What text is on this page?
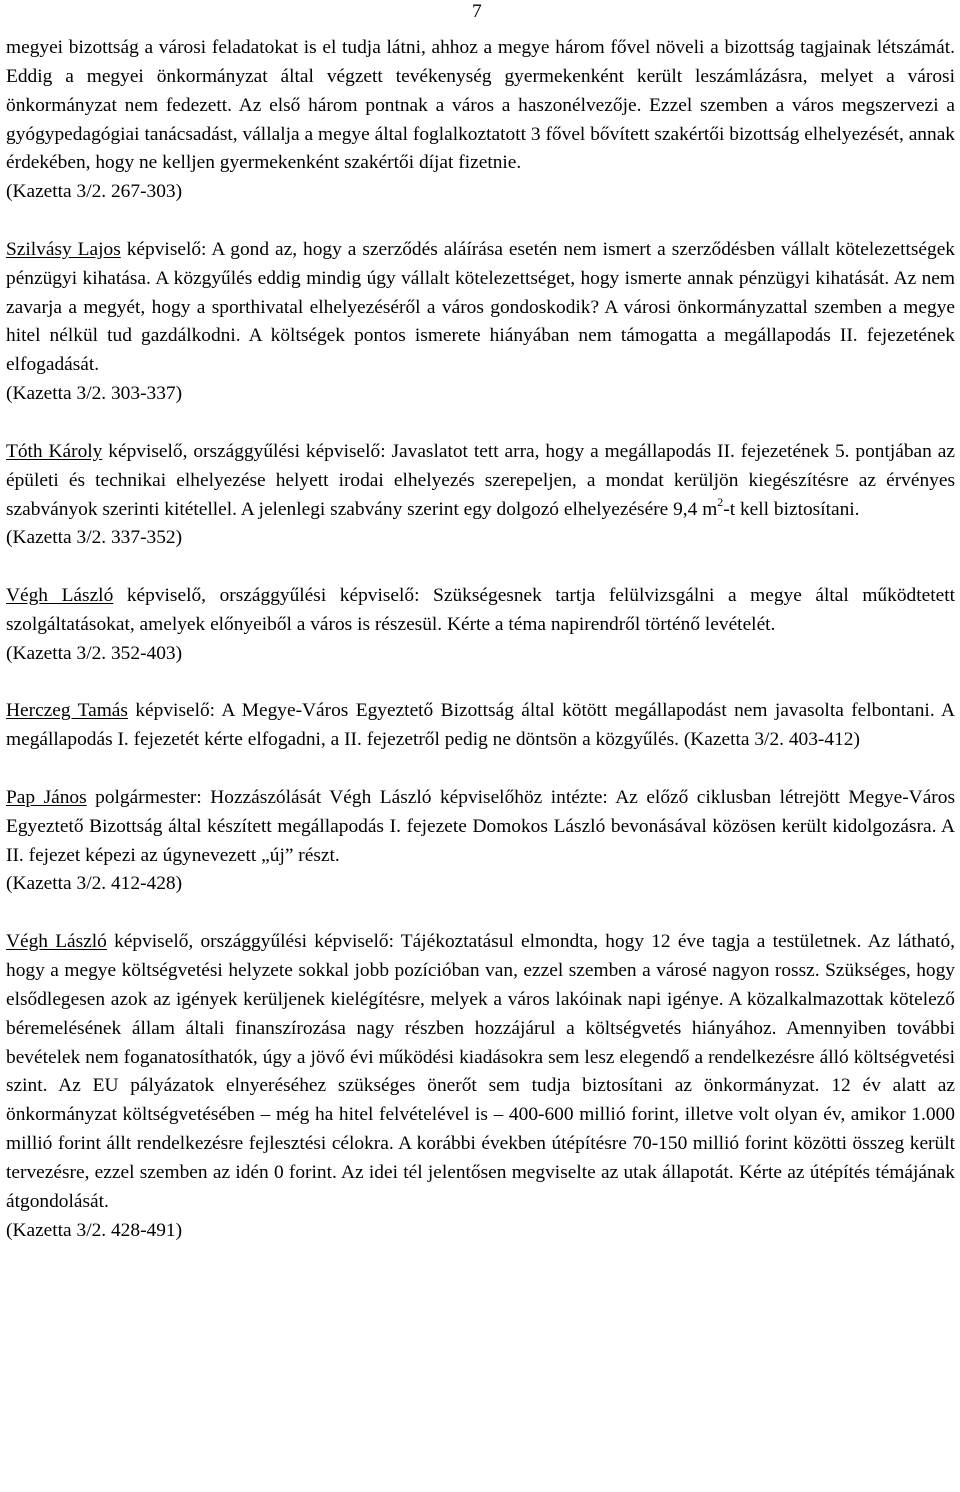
7

megyei bizottság a városi feladatokat is el tudja látni, ahhoz a megye három fővel növeli a bizottság tagjainak létszámát. Eddig a megyei önkormányzat által végzett tevékenység gyermekenként került leszámlázásra, melyet a városi önkormányzat nem fedezett. Az első három pontnak a város a haszonélvezője. Ezzel szemben a város megszervezi a gyógypedagógiai tanácsadást, vállalja a megye által foglalkoztatott 3 fővel bővített szakértői bizottság elhelyezését, annak érdekében, hogy ne kelljen gyermekenként szakértői díjat fizetnie.

(Kazetta 3/2. 267-303)

Szilvásy Lajos képviselő: A gond az, hogy a szerződés aláírása esetén nem ismert a szerződésben vállalt kötelezettségek pénzügyi kihatása. A közgyűlés eddig mindig úgy vállalt kötelezettséget, hogy ismerte annak pénzügyi kihatását. Az nem zavarja a megyét, hogy a sporthivatal elhelyezéséről a város gondoskodik? A városi önkormányzattal szemben a megye hitel nélkül tud gazdálkodni. A költségek pontos ismerete hiányában nem támogatta a megállapodás II. fejezetének elfogadását.

(Kazetta 3/2. 303-337)

Tóth Károly képviselő, országgyűlési képviselő: Javaslatot tett arra, hogy a megállapodás II. fejezetének 5. pontjában az épületi és technikai elhelyezése helyett irodai elhelyezés szerepeljen, a mondat kerüljön kiegészítésre az érvényes szabványok szerinti kitétellel. A jelenlegi szabvány szerint egy dolgozó elhelyezésére 9,4 $m^2-t$ kell biztosítani.

(Kazetta 3/2. 337-352)

Végh László képviselő, országgyűlési képviselő: Szükségesnek tartja felülvizsgálni a megye által működtetett szolgáltatásokat, amelyek előnyeiből a város is részesül. Kérte a téma napirendről történő levételét.

(Kazetta 3/2. 352-403)

Herczeg Tamás képviselő: A Megye-Város Egyeztető Bizottság által kötött megállapodást nem javasolta felbontani. A megállapodás I. fejezetét kérte elfogadni, a II. fejezetről pedig ne döntsön a közgyűlés. (Kazetta 3/2. 403-412)

Pap János polgármester: Hozzászólását Végh László képviselőhöz intézte: Az előző ciklusban létrejött Megye-Város Egyeztető Bizottság által készített megállapodás I. fejezete Domokos László bevonásával közösen került kidolgozásra. A II. fejezet képezi az úgynevezett „új” részt.

(Kazetta 3/2. 412-428)

Végh László képviselő, országgyűlési képviselő: Tájékoztatásul elmondta, hogy 12 éve tagja a testületnek. Az látható, hogy a megye költségvetési helyzete sokkal jobb pozícióban van, ezzel szemben a városé nagyon rossz. Szükséges, hogy elsődlegesen azok az igények kerüljenek kielégítésre, melyek a város lakóinak napi igénye. A közalkalmazottak kötelező béremelésének állam általi finanszírozása nagy részben hozzájárul a költségvetés hiányához. Amennyiben további bevételek nem foganatosíthatók, úgy a jövő évi működési kiadásokra sem lesz elegendő a rendelkezésre álló költségvetési szint. Az EU pályázatok elnyeréséhez szükséges önerőt sem tudja biztosítani az önkormányzat. 12 év alatt az önkormányzat költségvetésében – még ha hitel felvételével is – 400-600 millió forint, illetve volt olyan év, amikor 1.000 millió forint állt rendelkezésre fejlesztési célokra. A korábbi években útépítésre 70-150 millió forint közötti összeg került tervezésre, ezzel szemben az idén 0 forint. Az idei tél jelentősen megviselte az utak állapotát. Kérte az útépítés témájának átgondolását.

(Kazetta 3/2. 428-491)
